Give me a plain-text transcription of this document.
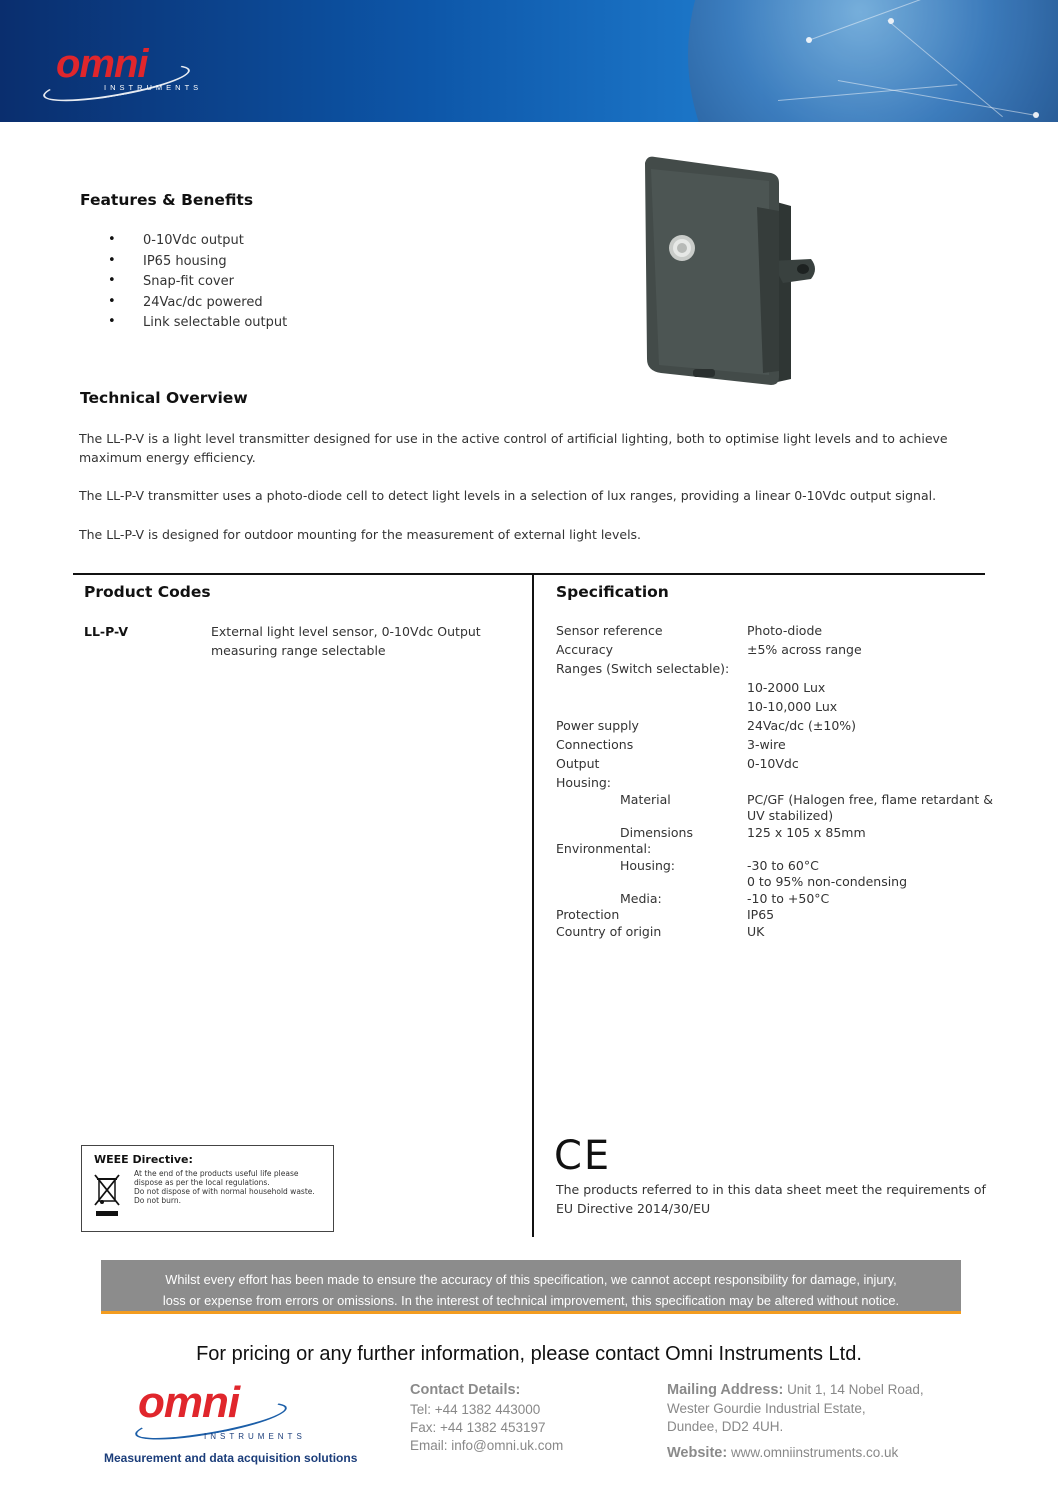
omni
INSTRUMENTS
Features & Benefits
• 0-10Vdc output
• IP65 housing
• Snap-fit cover
• 24Vac/dc powered
• Link selectable output
Technical Overview

The LL-P-V is a light level transmitter designed for use in the active control of artificial lighting, both to optimise light levels and to achieve maximum energy efficiency.

The LL-P-V transmitter uses a photo-diode cell to detect light levels in a selection of lux ranges, providing a linear 0-10Vdc output signal.

The LL-P-V is designed for outdoor mounting for the measurement of external light levels.

Product Codes
LL-P-V	External light level sensor, 0-10Vdc Output
measuring range selectable
Specification
Sensor reference	Photo-diode
Accuracy	±5% across range
Ranges (Switch selectable):
10-2000 Lux
10-10,000 Lux
Power supply	24Vac/dc (±10%)
Connections	3-wire
Output	0-10Vdc
Housing:
Material	PC/GF (Halogen free, flame retardant &
UV stabilized)
Dimensions	125 x 105 x 85mm
Environmental:
Housing:	-30 to 60°C
0 to 95% non-condensing
Media:	-10 to +50°C
Protection	IP65
Country of origin	UK
WEEE Directive:
At the end of the products useful life please
dispose as per the local regulations.
Do not dispose of with normal household waste.
Do not burn.
CE
The products referred to in this data sheet meet the requirements of
EU Directive 2014/30/EU
Whilst every effort has been made to ensure the accuracy of this specification, we cannot accept responsibility for damage, injury,
loss or expense from errors or omissions. In the interest of technical improvement, this specification may be altered without notice.
For pricing or any further information, please contact Omni Instruments Ltd.
omni
INSTRUMENTS
Measurement and data acquisition solutions
Contact Details:
Tel: +44 1382 443000
Fax: +44 1382 453197
Email: info@omni.uk.com
Mailing Address: Unit 1, 14 Nobel Road,
Wester Gourdie Industrial Estate,
Dundee, DD2 4UH.
Website: www.omniinstruments.co.uk
